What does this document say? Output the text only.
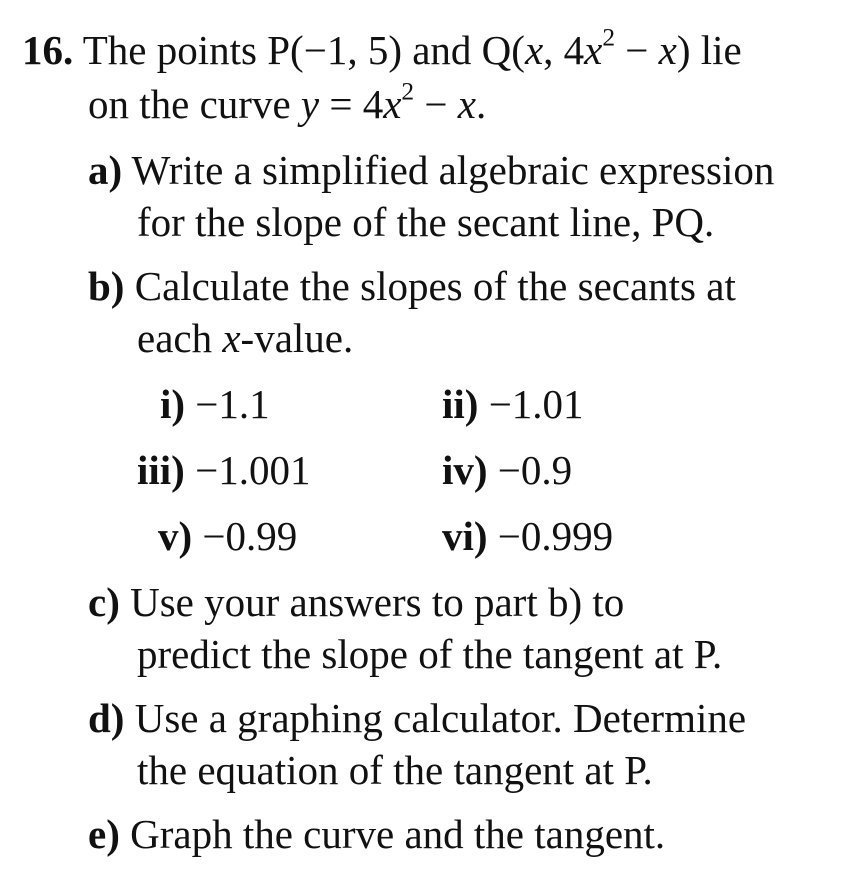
16. The points P(−1, 5) and Q(x, $4x^2 - x$) lie
on the curve $y = 4x^2 - x$.
a) Write a simplified algebraic expression
for the slope of the secant line, PQ.
b) Calculate the slopes of the secants at
each x-value.
i) −1.1	ii) −1.01
iii) −1.001	iv) −0.9
v) −0.99	vi) −0.999
c) Use your answers to part b) to
predict the slope of the tangent at P.
d) Use a graphing calculator. Determine
the equation of the tangent at P.
e) Graph the curve and the tangent.
